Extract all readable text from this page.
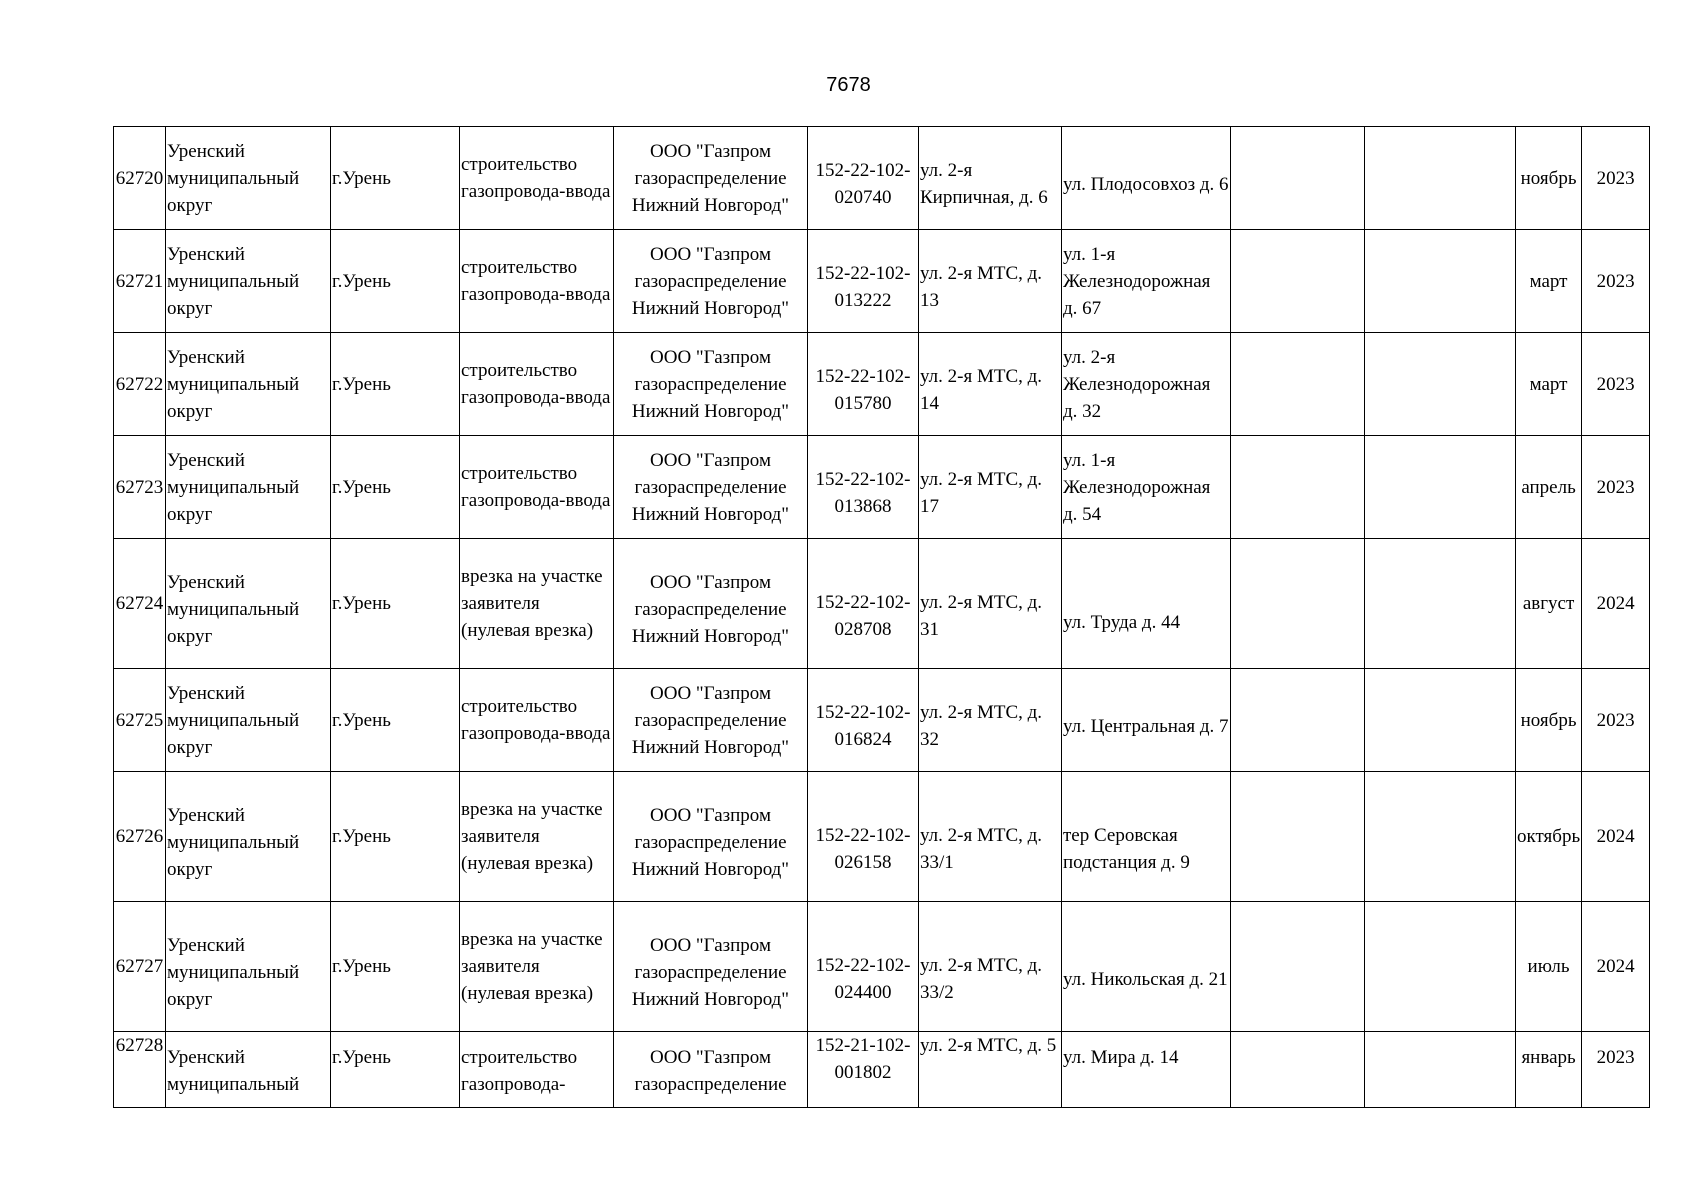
7678
62720	Уренский муниципальный округ	г.Урень	строительство газопровода-ввода	ООО "Газпром газораспределение Нижний Новгород"	152-22-102-020740	ул. 2-я Кирпичная, д. 6	ул. Плодосовхоз д. 6			ноябрь	2023

62721	Уренский муниципальный округ	г.Урень	строительство газопровода-ввода	ООО "Газпром газораспределение Нижний Новгород"	152-22-102-013222	ул. 2-я МТС, д. 13	ул. 1-я Железнодорожная д. 67			март	2023

62722	Уренский муниципальный округ	г.Урень	строительство газопровода-ввода	ООО "Газпром газораспределение Нижний Новгород"	152-22-102-015780	ул. 2-я МТС, д. 14	ул. 2-я Железнодорожная д. 32			март	2023

62723	Уренский муниципальный округ	г.Урень	строительство газопровода-ввода	ООО "Газпром газораспределение Нижний Новгород"	152-22-102-013868	ул. 2-я МТС, д. 17	ул. 1-я Железнодорожная д. 54			апрель	2023

62724	Уренский муниципальный округ	г.Урень	врезка на участке заявителя (нулевая врезка)	ООО "Газпром газораспределение Нижний Новгород"	152-22-102-028708	ул. 2-я МТС, д. 31	ул. Труда д. 44			август	2024

62725	Уренский муниципальный округ	г.Урень	строительство газопровода-ввода	ООО "Газпром газораспределение Нижний Новгород"	152-22-102-016824	ул. 2-я МТС, д. 32	ул. Центральная д. 7			ноябрь	2023

62726	Уренский муниципальный округ	г.Урень	врезка на участке заявителя (нулевая врезка)	ООО "Газпром газораспределение Нижний Новгород"	152-22-102-026158	ул. 2-я МТС, д. 33/1	тер Серовская подстанция д. 9			октябрь	2024

62727	Уренский муниципальный округ	г.Урень	врезка на участке заявителя (нулевая врезка)	ООО "Газпром газораспределение Нижний Новгород"	152-22-102-024400	ул. 2-я МТС, д. 33/2	ул. Никольская д. 21			июль	2024

62728	Уренский муниципальный	г.Урень	строительство газопровода-	ООО "Газпром газораспределение	152-21-102-001802	ул. 2-я МТС, д. 5	ул. Мира д. 14			январь	2023
